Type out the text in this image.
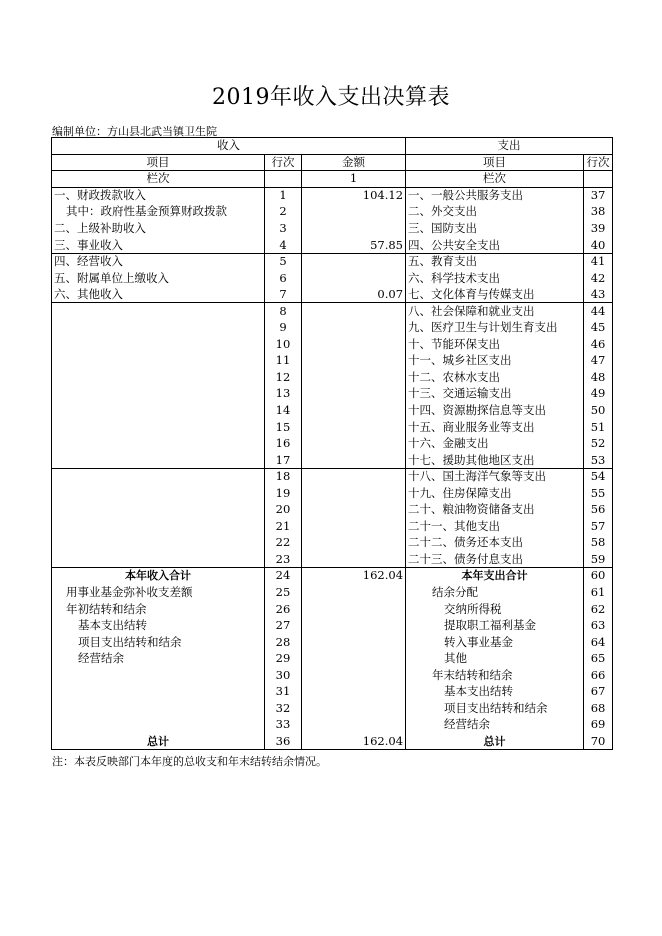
2019年收入支出决算表
编制单位：方山县北武当镇卫生院
收入			支出	
项目	行次	金额	项目	行次
栏次		1	栏次	
一、财政拨款收入	1	104.12	一、一般公共服务支出	37
其中：政府性基金预算财政拨款	2		二、外交支出	38
二、上级补助收入	3		三、国防支出	39
三、事业收入	4	57.85	四、公共安全支出	40
四、经营收入	5		五、教育支出	41
五、附属单位上缴收入	6		六、科学技术支出	42
六、其他收入	7	0.07	七、文化体育与传媒支出	43
	8		八、社会保障和就业支出	44
	9		九、医疗卫生与计划生育支出	45
	10		十、节能环保支出	46
	11		十一、城乡社区支出	47
	12		十二、农林水支出	48
	13		十三、交通运输支出	49
	14		十四、资源勘探信息等支出	50
	15		十五、商业服务业等支出	51
	16		十六、金融支出	52
	17		十七、援助其他地区支出	53
	18		十八、国土海洋气象等支出	54
	19		十九、住房保障支出	55
	20		二十、粮油物资储备支出	56
	21		二十一、其他支出	57
	22		二十二、债务还本支出	58
	23		二十三、债务付息支出	59
本年收入合计	24	162.04	本年支出合计	60
用事业基金弥补收支差额	25		结余分配	61
年初结转和结余	26		交纳所得税	62
基本支出结转	27		提取职工福利基金	63
项目支出结转和结余	28		转入事业基金	64
经营结余	29		其他	65
	30		年末结转和结余	66
	31		基本支出结转	67
	32		项目支出结转和结余	68
	33		经营结余	69
总计	36	162.04	总计	70
注：本表反映部门本年度的总收支和年末结转结余情况。
